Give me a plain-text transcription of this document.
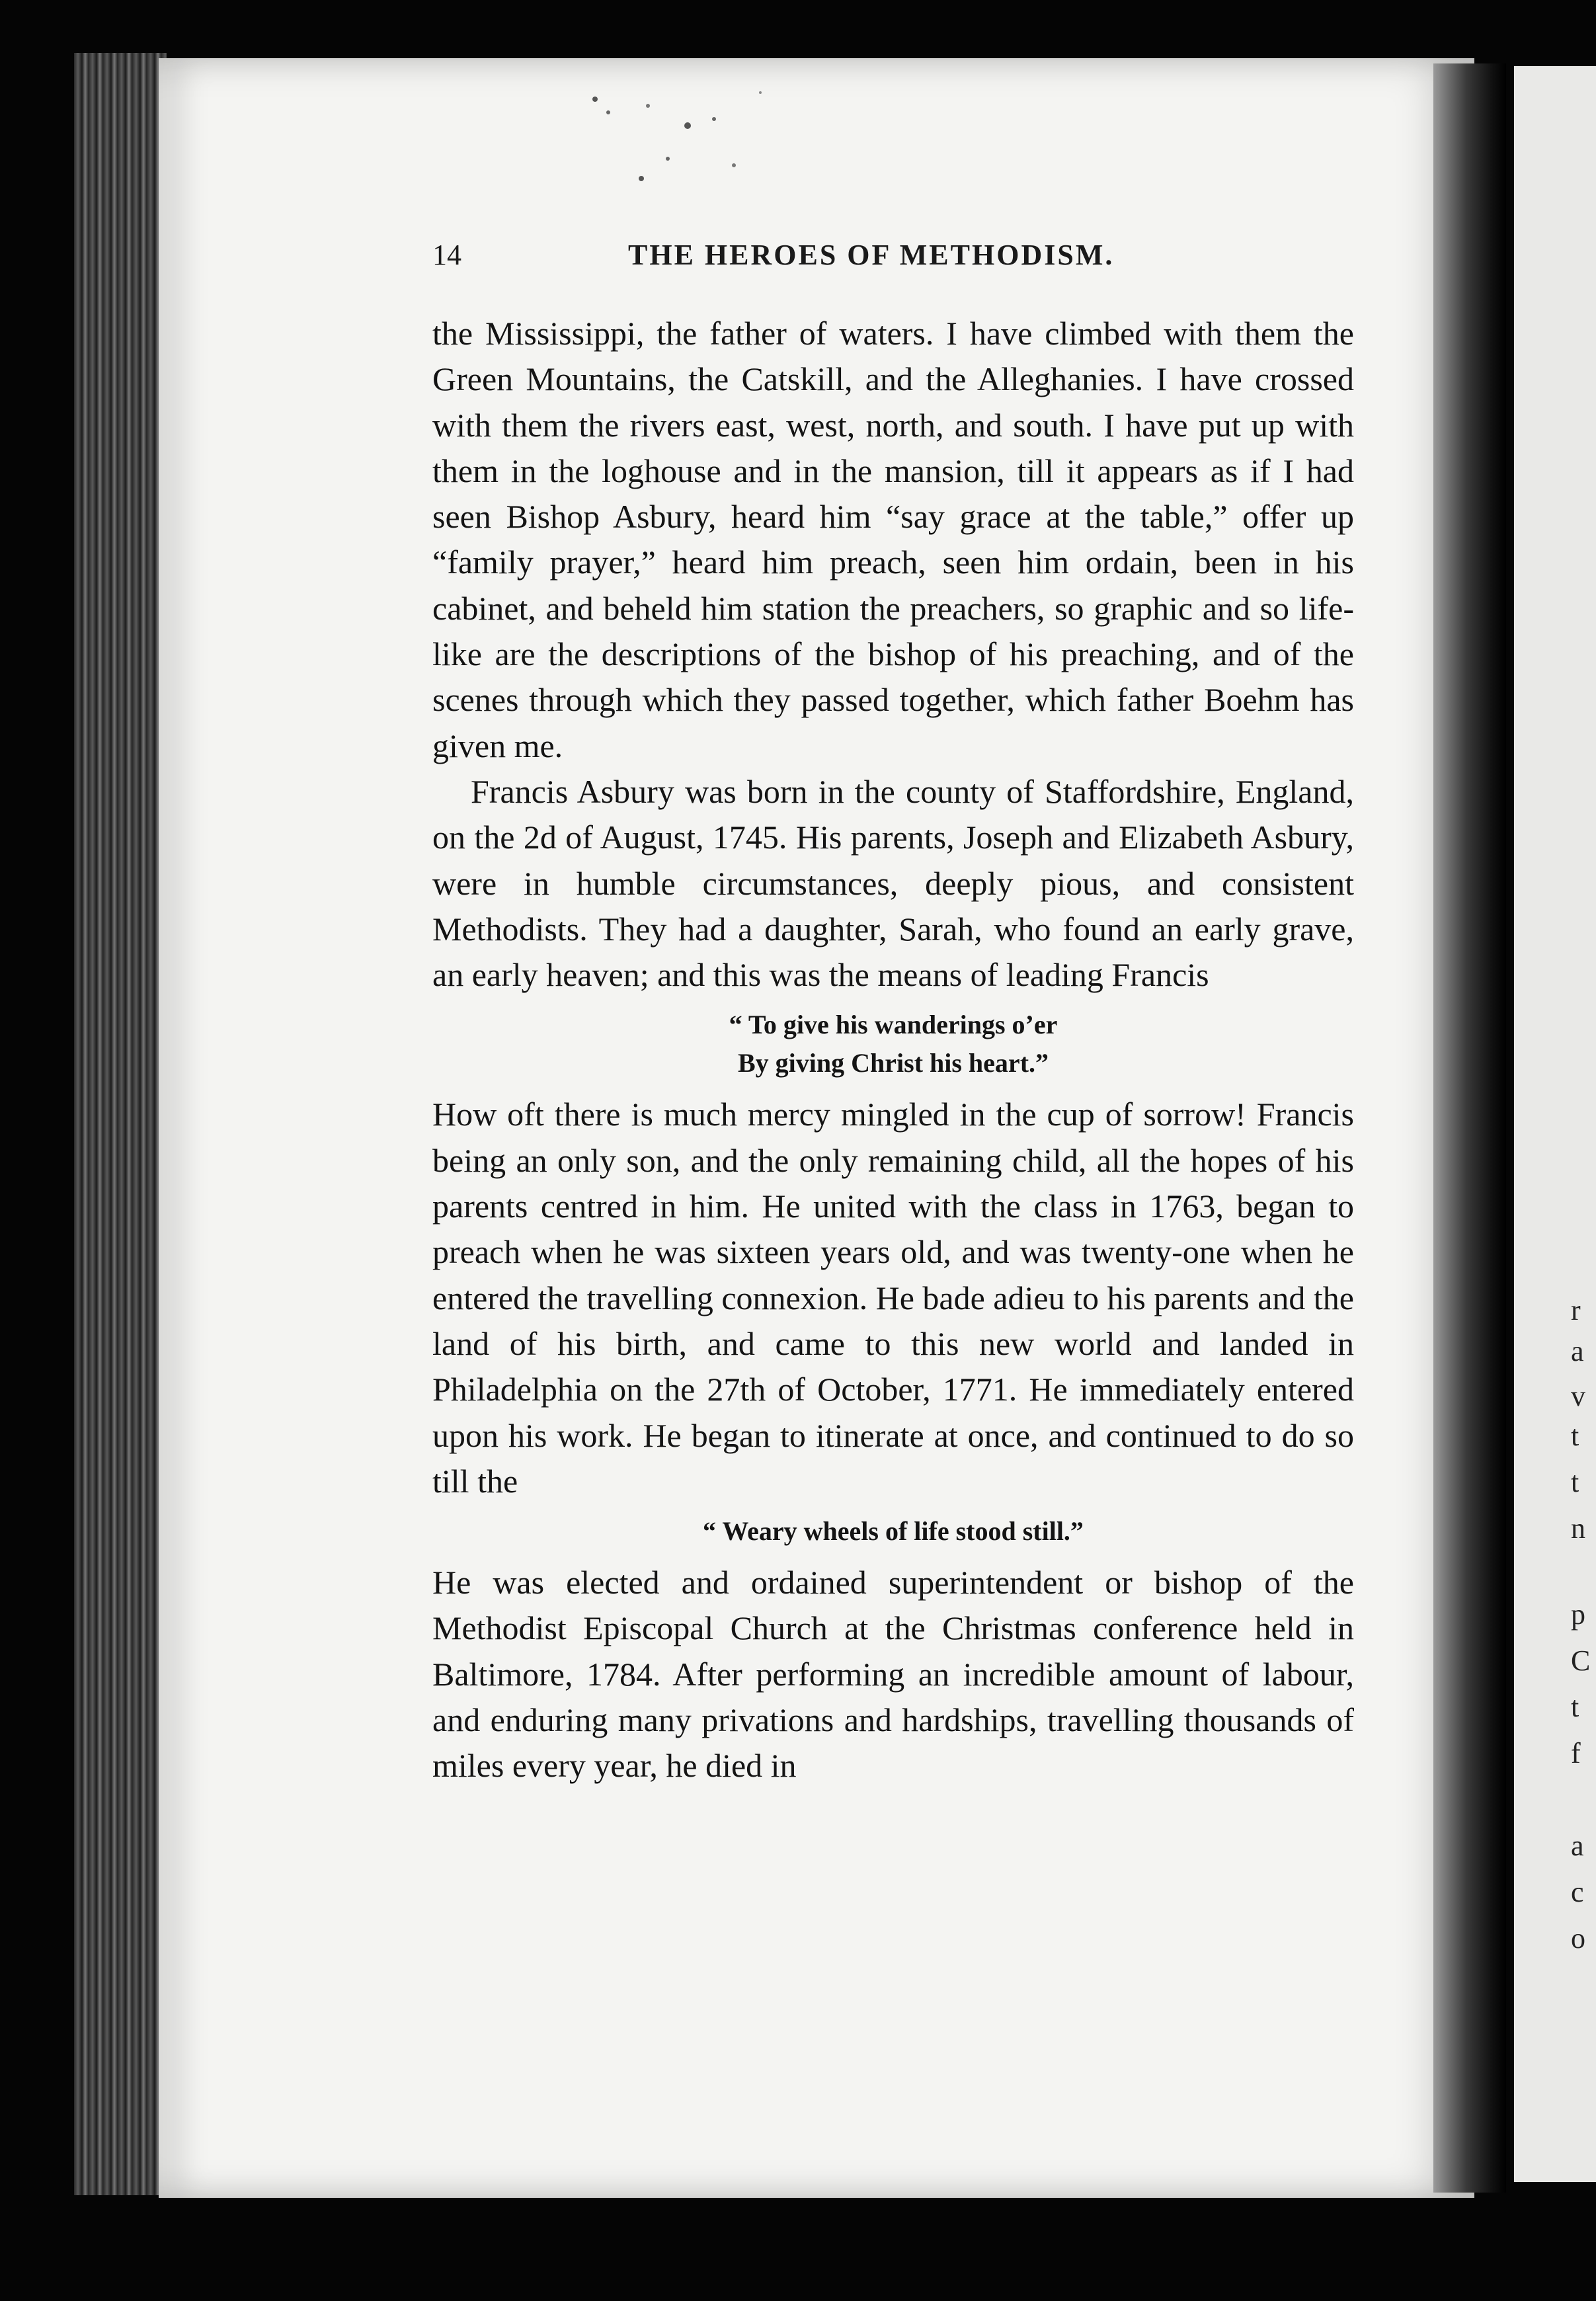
r
a
v
t
t
n
p
C
t
f
a
c
o
14	THE HEROES OF METHODISM.

the Mississippi, the father of waters. I have climbed with them the Green Mountains, the Catskill, and the Alleghanies. I have crossed with them the rivers east, west, north, and south. I have put up with them in the loghouse and in the mansion, till it appears as if I had seen Bishop Asbury, heard him “say grace at the table,” offer up “family prayer,” heard him preach, seen him ordain, been in his cabinet, and beheld him station the preachers, so graphic and so life-like are the descriptions of the bishop of his preaching, and of the scenes through which they passed together, which father Boehm has given me.

Francis Asbury was born in the county of Staffordshire, England, on the 2d of August, 1745. His parents, Joseph and Elizabeth Asbury, were in humble circumstances, deeply pious, and consistent Methodists. They had a daughter, Sarah, who found an early grave, an early heaven; and this was the means of leading Francis

“ To give his wanderings o’er
By giving Christ his heart.”

How oft there is much mercy mingled in the cup of sorrow! Francis being an only son, and the only remaining child, all the hopes of his parents centred in him. He united with the class in 1763, began to preach when he was sixteen years old, and was twenty-one when he entered the travelling connexion. He bade adieu to his parents and the land of his birth, and came to this new world and landed in Philadelphia on the 27th of October, 1771. He immediately entered upon his work. He began to itinerate at once, and continued to do so till the

“ Weary wheels of life stood still.”

He was elected and ordained superintendent or bishop of the Methodist Episcopal Church at the Christmas conference held in Baltimore, 1784. After performing an incredible amount of labour, and enduring many privations and hardships, travelling thousands of miles every year, he died in
